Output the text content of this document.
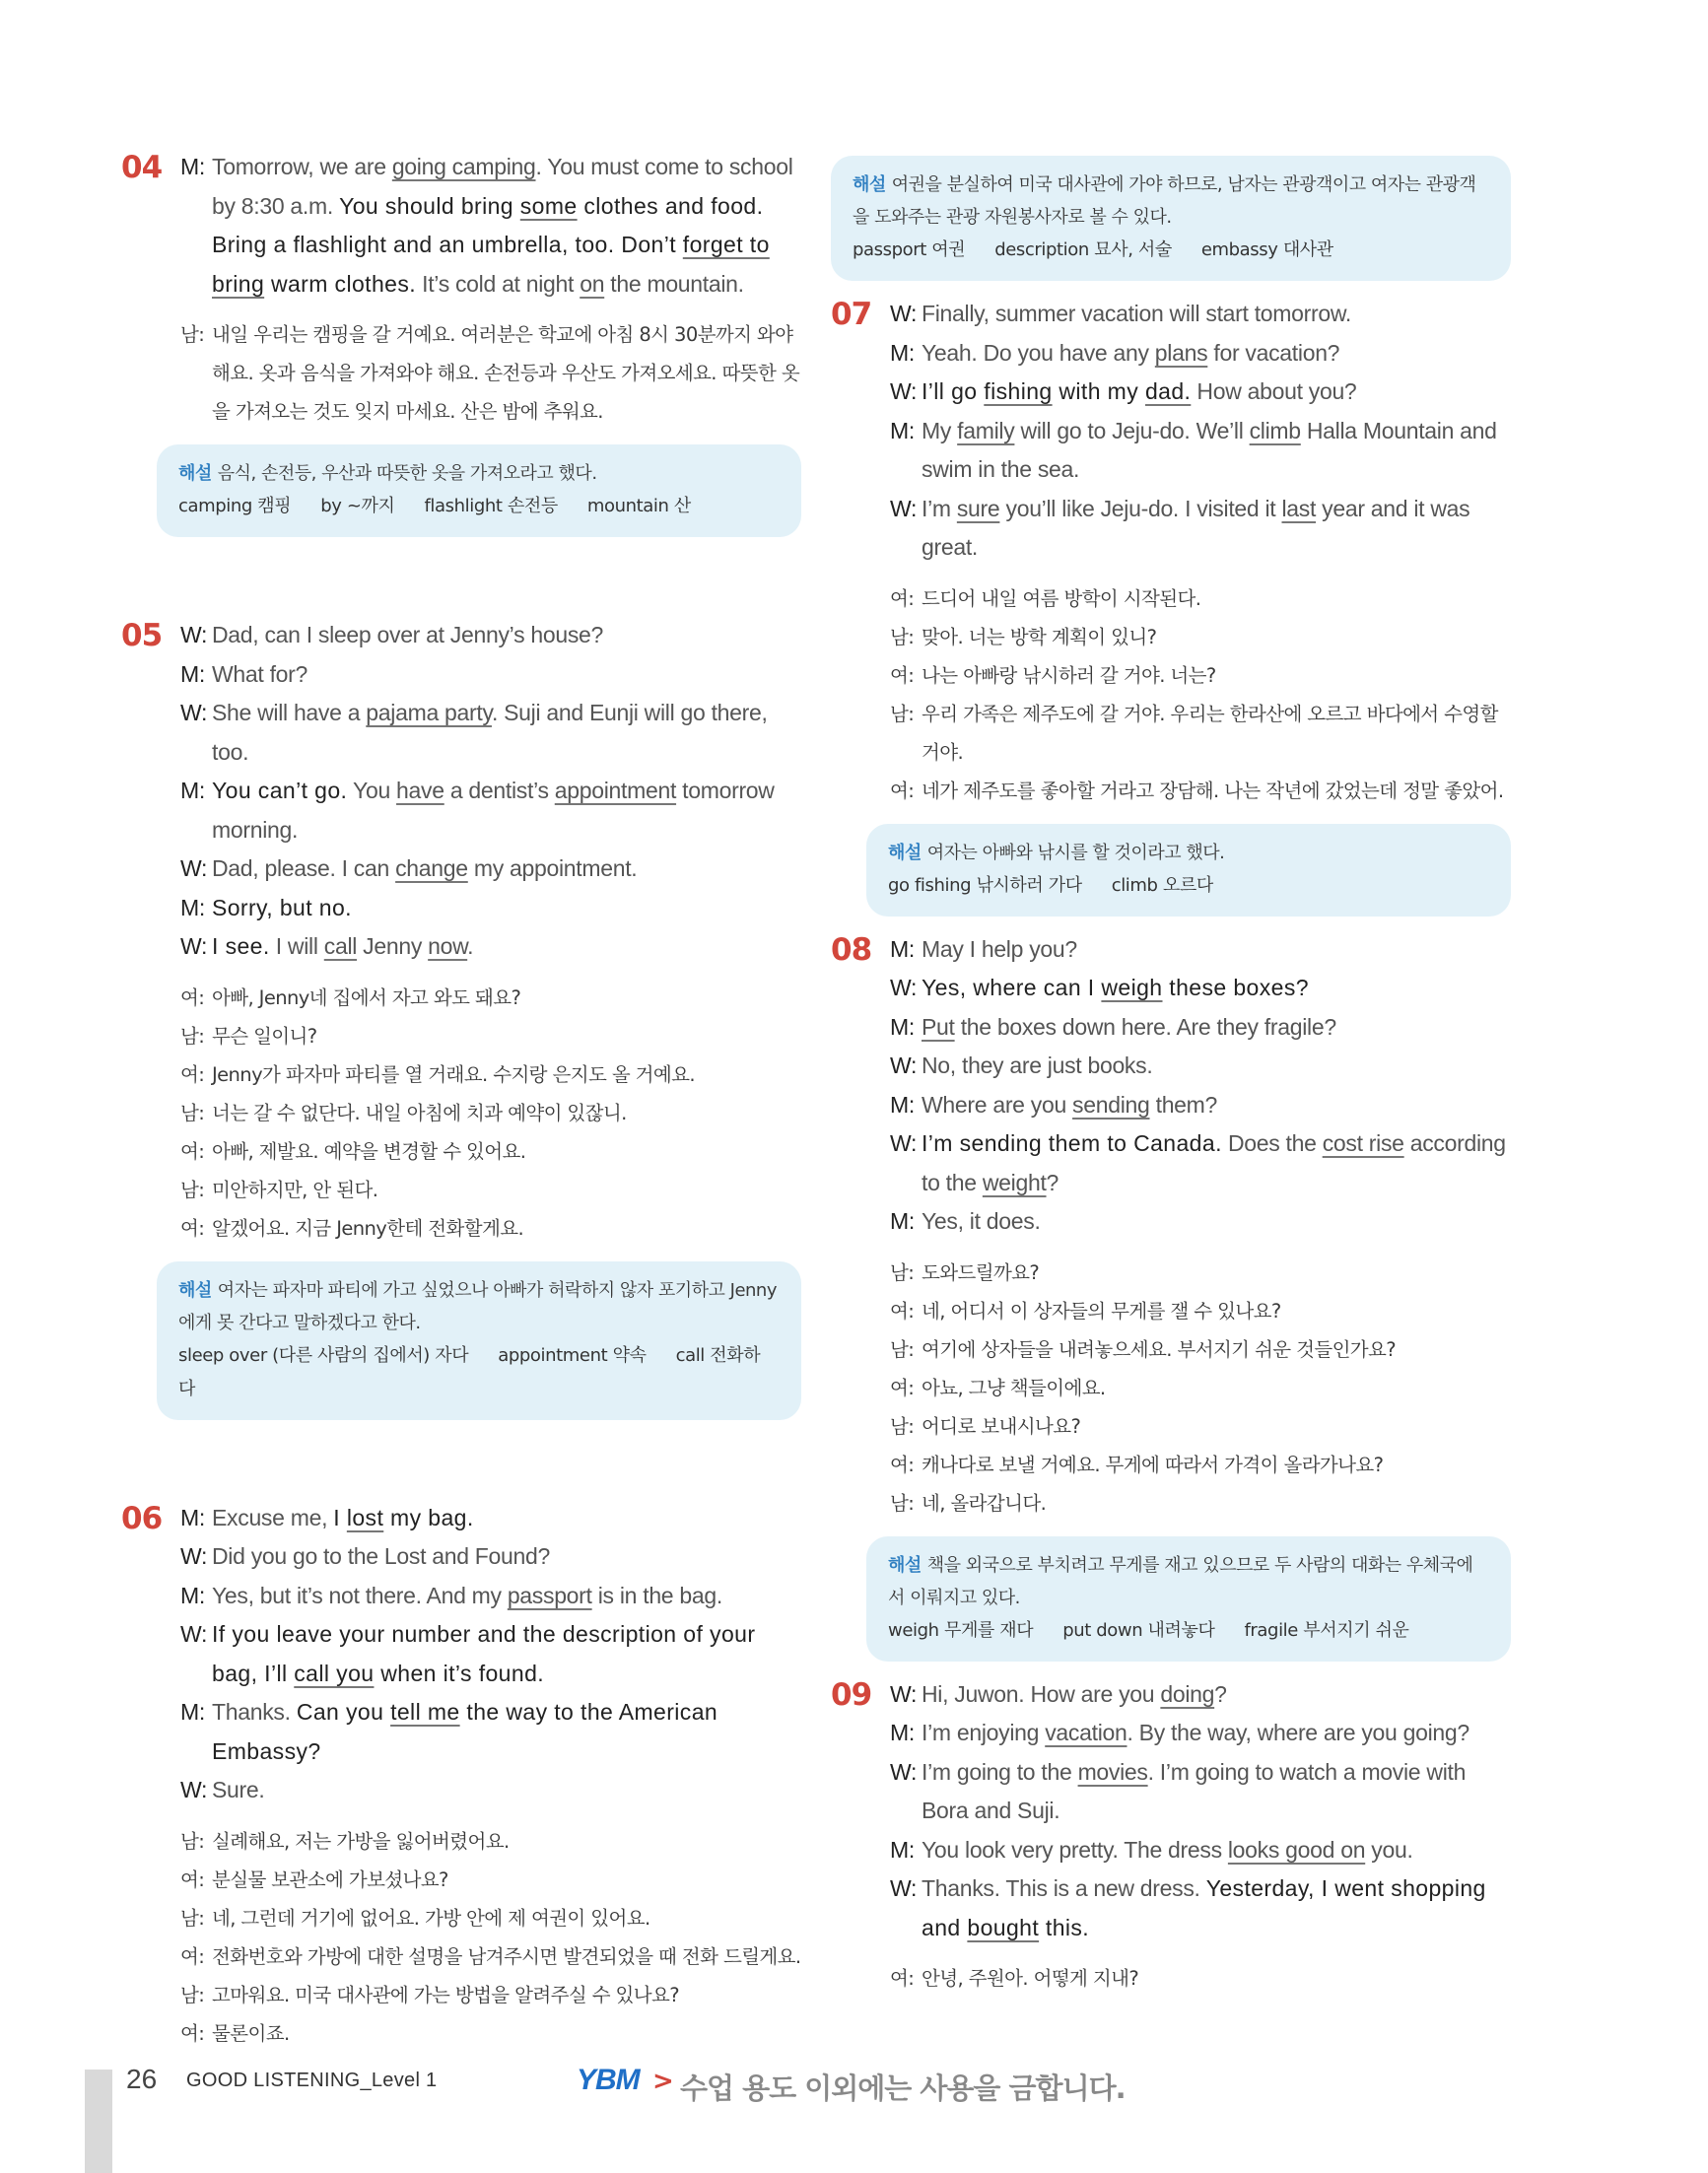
04 M: Tomorrow, we are going camping. You must come to school by 8:30 a.m. You should bring some clothes and food. Bring a flashlight and an umbrella, too. Don’t forget to bring warm clothes. It’s cold at night on the mountain.
남: 내일 우리는 캠핑을 갈 거예요. 여러분은 학교에 아침 8시 30분까지 와야 해요. 옷과 음식을 가져와야 해요. 손전등과 우산도 가져오세요. 따뜻한 옷을 가져오는 것도 잊지 마세요. 산은 밤에 추워요.
해설 음식, 손전등, 우산과 따뜻한 옷을 가져오라고 했다.
camping 캠핑 by ~까지 flashlight 손전등 mountain 산
05 W: Dad, can I sleep over at Jenny’s house?
M: What for?
W: She will have a pajama party. Suji and Eunji will go there, too.
M: You can’t go. You have a dentist’s appointment tomorrow morning.
W: Dad, please. I can change my appointment.
M: Sorry, but no.
W: I see. I will call Jenny now.
여: 아빠, Jenny네 집에서 자고 와도 돼요?
남: 무슨 일이니?
여: Jenny가 파자마 파티를 열 거래요. 수지랑 은지도 올 거예요.
남: 너는 갈 수 없단다. 내일 아침에 치과 예약이 있잖니.
여: 아빠, 제발요. 예약을 변경할 수 있어요.
남: 미안하지만, 안 된다.
여: 알겠어요. 지금 Jenny한테 전화할게요.
해설 여자는 파자마 파티에 가고 싶었으나 아빠가 허락하지 않자 포기하고 Jenny에게 못 간다고 말하겠다고 한다.
sleep over (다른 사람의 집에서) 자다 appointment 약속 call 전화하다
06 M: Excuse me, I lost my bag.
W: Did you go to the Lost and Found?
M: Yes, but it’s not there. And my passport is in the bag.
W: If you leave your number and the description of your bag, I’ll call you when it’s found.
M: Thanks. Can you tell me the way to the American Embassy?
W: Sure.
남: 실례해요, 저는 가방을 잃어버렸어요.
여: 분실물 보관소에 가보셨나요?
남: 네, 그런데 거기에 없어요. 가방 안에 제 여권이 있어요.
여: 전화번호와 가방에 대한 설명을 남겨주시면 발견되었을 때 전화 드릴게요.
남: 고마워요. 미국 대사관에 가는 방법을 알려주실 수 있나요?
여: 물론이죠.
해설 여권을 분실하여 미국 대사관에 가야 하므로, 남자는 관광객이고 여자는 관광객을 도와주는 관광 자원봉사자로 볼 수 있다.
passport 여권 description 묘사, 서술 embassy 대사관
07 W: Finally, summer vacation will start tomorrow.
M: Yeah. Do you have any plans for vacation?
W: I’ll go fishing with my dad. How about you?
M: My family will go to Jeju-do. We’ll climb Halla Mountain and swim in the sea.
W: I’m sure you’ll like Jeju-do. I visited it last year and it was great.
여: 드디어 내일 여름 방학이 시작된다.
남: 맞아. 너는 방학 계획이 있니?
여: 나는 아빠랑 낚시하러 갈 거야. 너는?
남: 우리 가족은 제주도에 갈 거야. 우리는 한라산에 오르고 바다에서 수영할 거야.
여: 네가 제주도를 좋아할 거라고 장담해. 나는 작년에 갔었는데 정말 좋았어.
해설 여자는 아빠와 낚시를 할 것이라고 했다.
go fishing 낚시하러 가다 climb 오르다
08 M: May I help you?
W: Yes, where can I weigh these boxes?
M: Put the boxes down here. Are they fragile?
W: No, they are just books.
M: Where are you sending them?
W: I’m sending them to Canada. Does the cost rise according to the weight?
M: Yes, it does.
남: 도와드릴까요?
여: 네, 어디서 이 상자들의 무게를 잴 수 있나요?
남: 여기에 상자들을 내려놓으세요. 부서지기 쉬운 것들인가요?
여: 아뇨, 그냥 책들이에요.
남: 어디로 보내시나요?
여: 캐나다로 보낼 거예요. 무게에 따라서 가격이 올라가나요?
남: 네, 올라갑니다.
해설 책을 외국으로 부치려고 무게를 재고 있으므로 두 사람의 대화는 우체국에서 이뤄지고 있다.
weigh 무게를 재다 put down 내려놓다 fragile 부서지기 쉬운
09 W: Hi, Juwon. How are you doing?
M: I’m enjoying vacation. By the way, where are you going?
W: I’m going to the movies. I’m going to watch a movie with Bora and Suji.
M: You look very pretty. The dress looks good on you.
W: Thanks. This is a new dress. Yesterday, I went shopping and bought this.
여: 안녕, 주원아. 어떻게 지내?
26 GOOD LISTENING_Level 1	YBM > 수업 용도 이외에는 사용을 금합니다.
